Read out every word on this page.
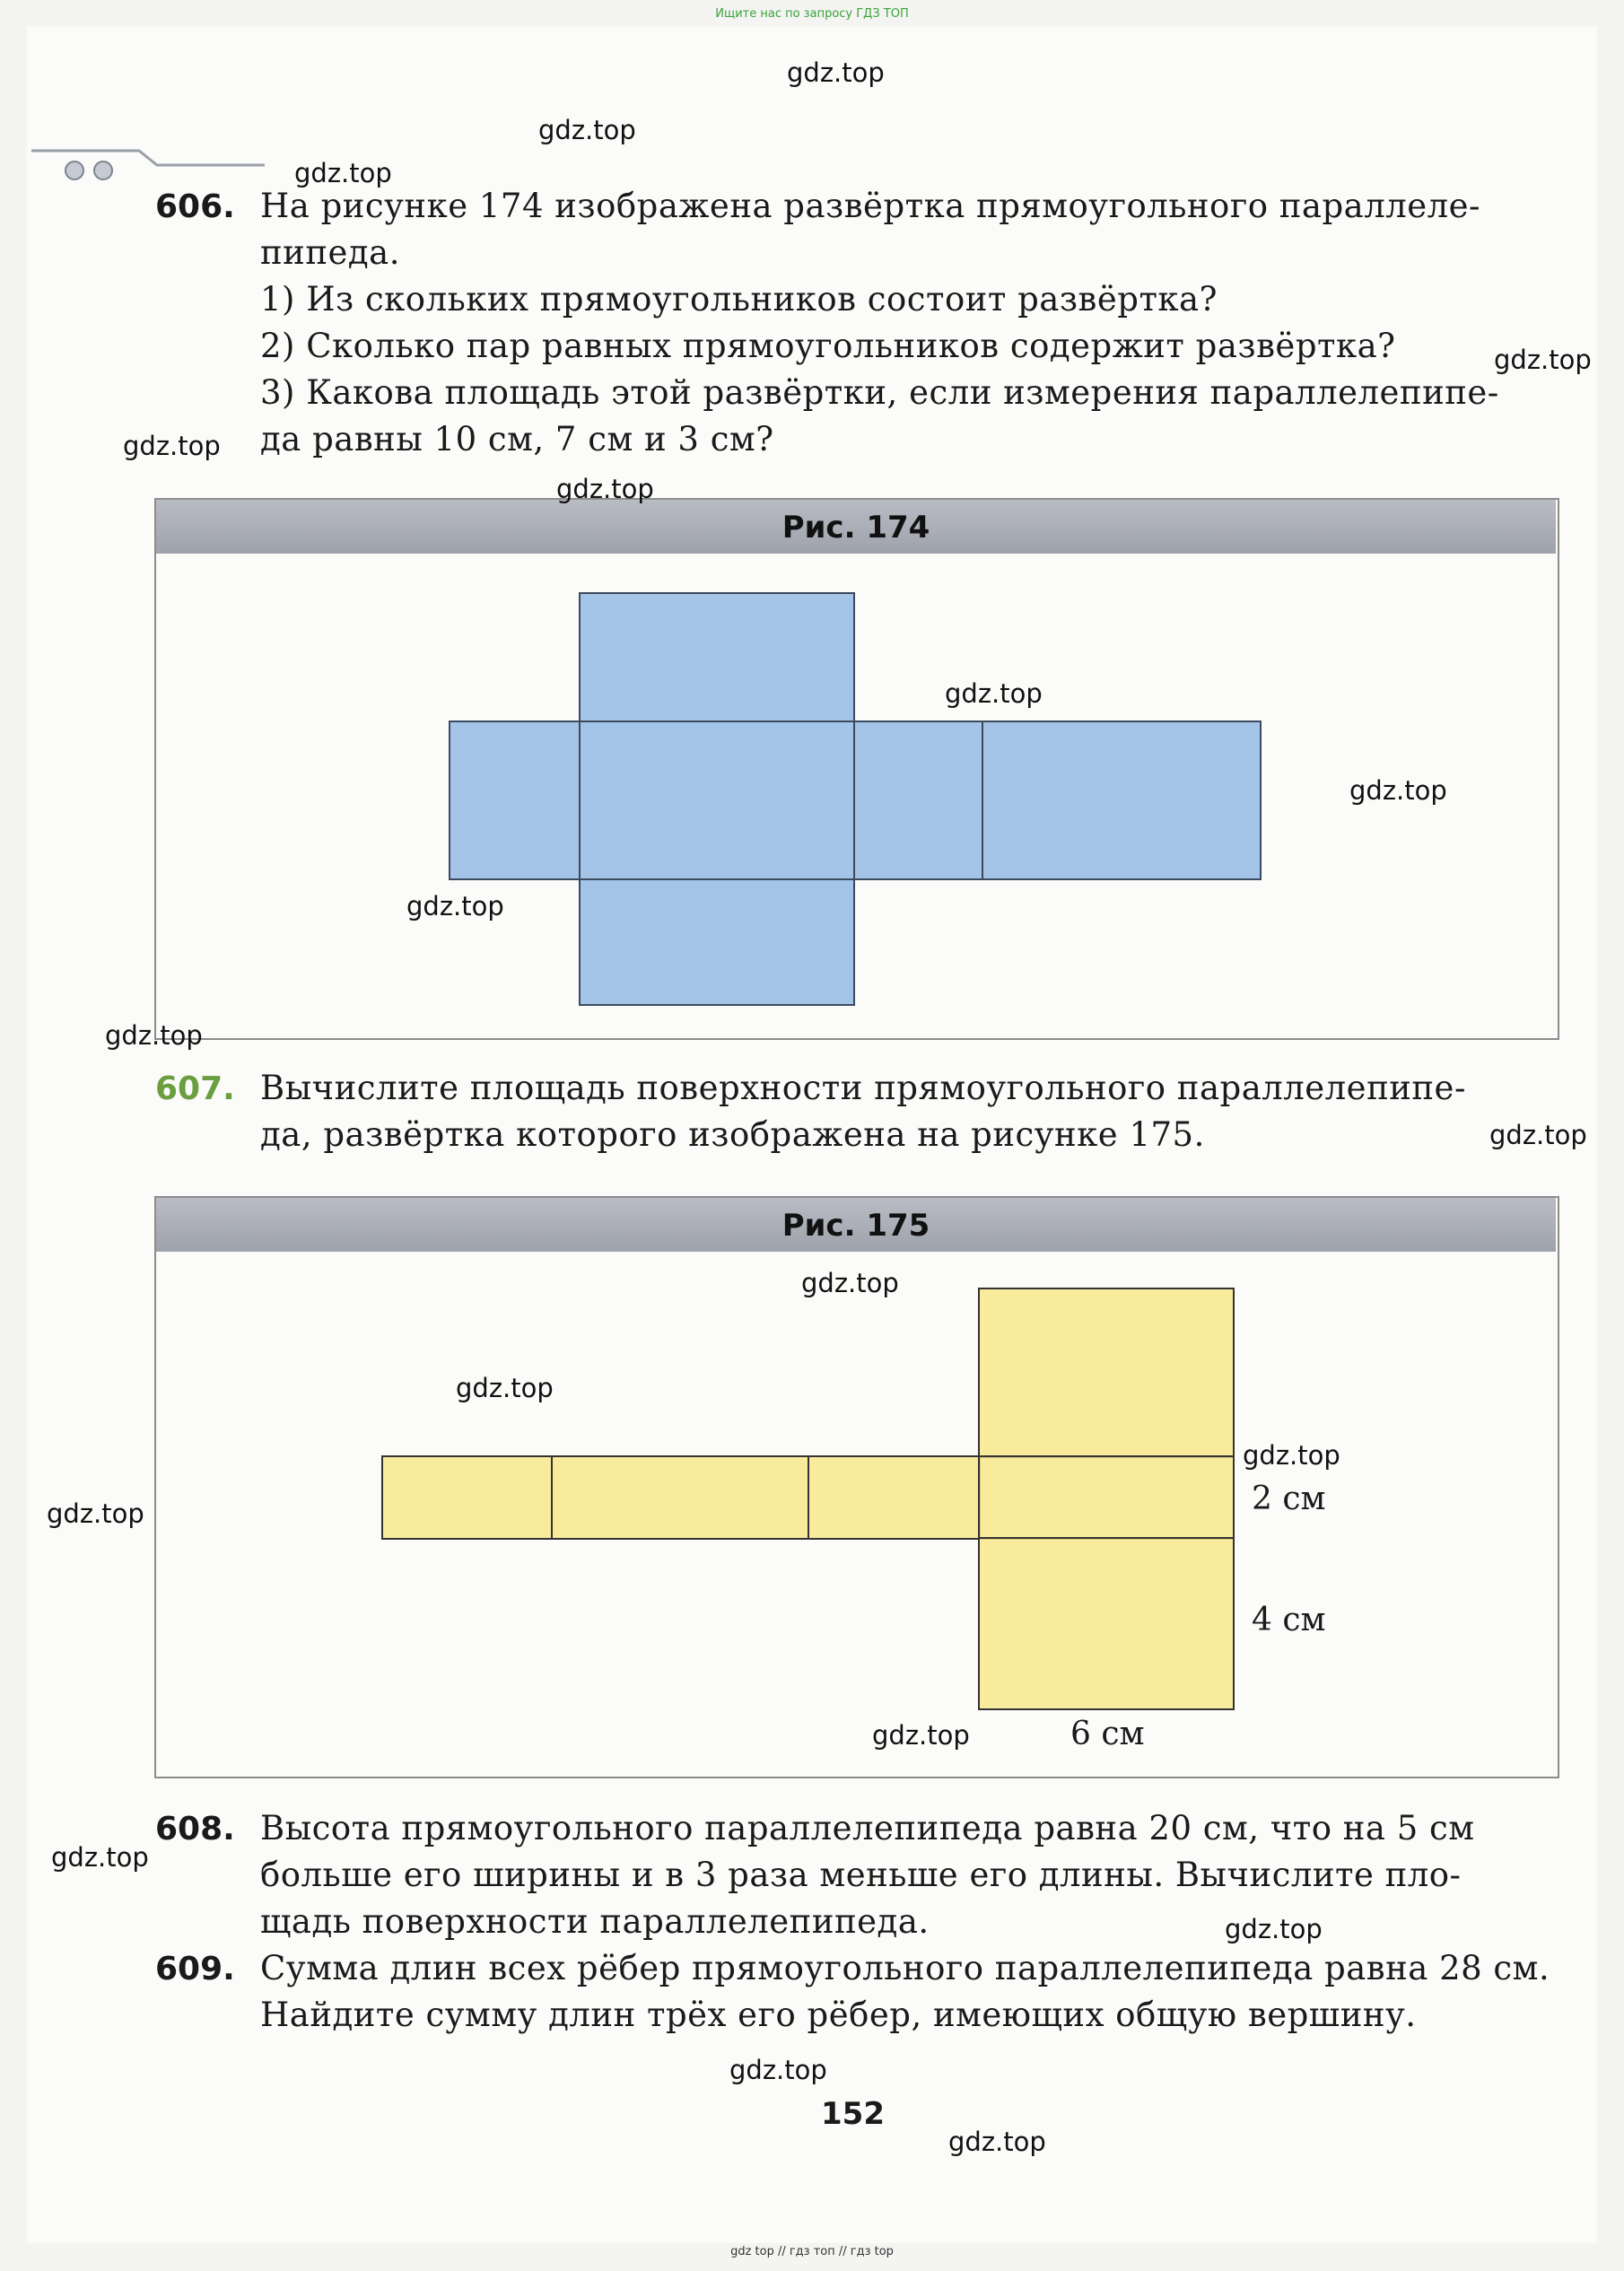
Ищите нас по запросу ГДЗ ТОП
606. На рисунке 174 изображена развёртка прямоугольного параллеле-
пипеда.
1) Из скольких прямоугольников состоит развёртка?
2) Сколько пар равных прямоугольников содержит развёртка?
3) Какова площадь этой развёртки, если измерения параллелепипе-
да равны 10 см, 7 см и 3 см?
Рис. 174
607. Вычислите площадь поверхности прямоугольного параллелепипе-
да, развёртка которого изображена на рисунке 175.
Рис. 175
2 см
4 см
6 см
608. Высота прямоугольного параллелепипеда равна 20 см, что на 5 см
больше его ширины и в 3 раза меньше его длины. Вычислите пло-
щадь поверхности параллелепипеда.
609. Сумма длин всех рёбер прямоугольного параллелепипеда равна 28 см.
Найдите сумму длин трёх его рёбер, имеющих общую вершину.
152
gdz.top
gdz.top
gdz.top
gdz.top
gdz.top
gdz.top
gdz.top
gdz.top
gdz.top
gdz.top
gdz.top
gdz.top
gdz.top
gdz.top
gdz.top
gdz.top
gdz.top
gdz.top
gdz.top
gdz.top
gdz top // гдз топ // гдз top
